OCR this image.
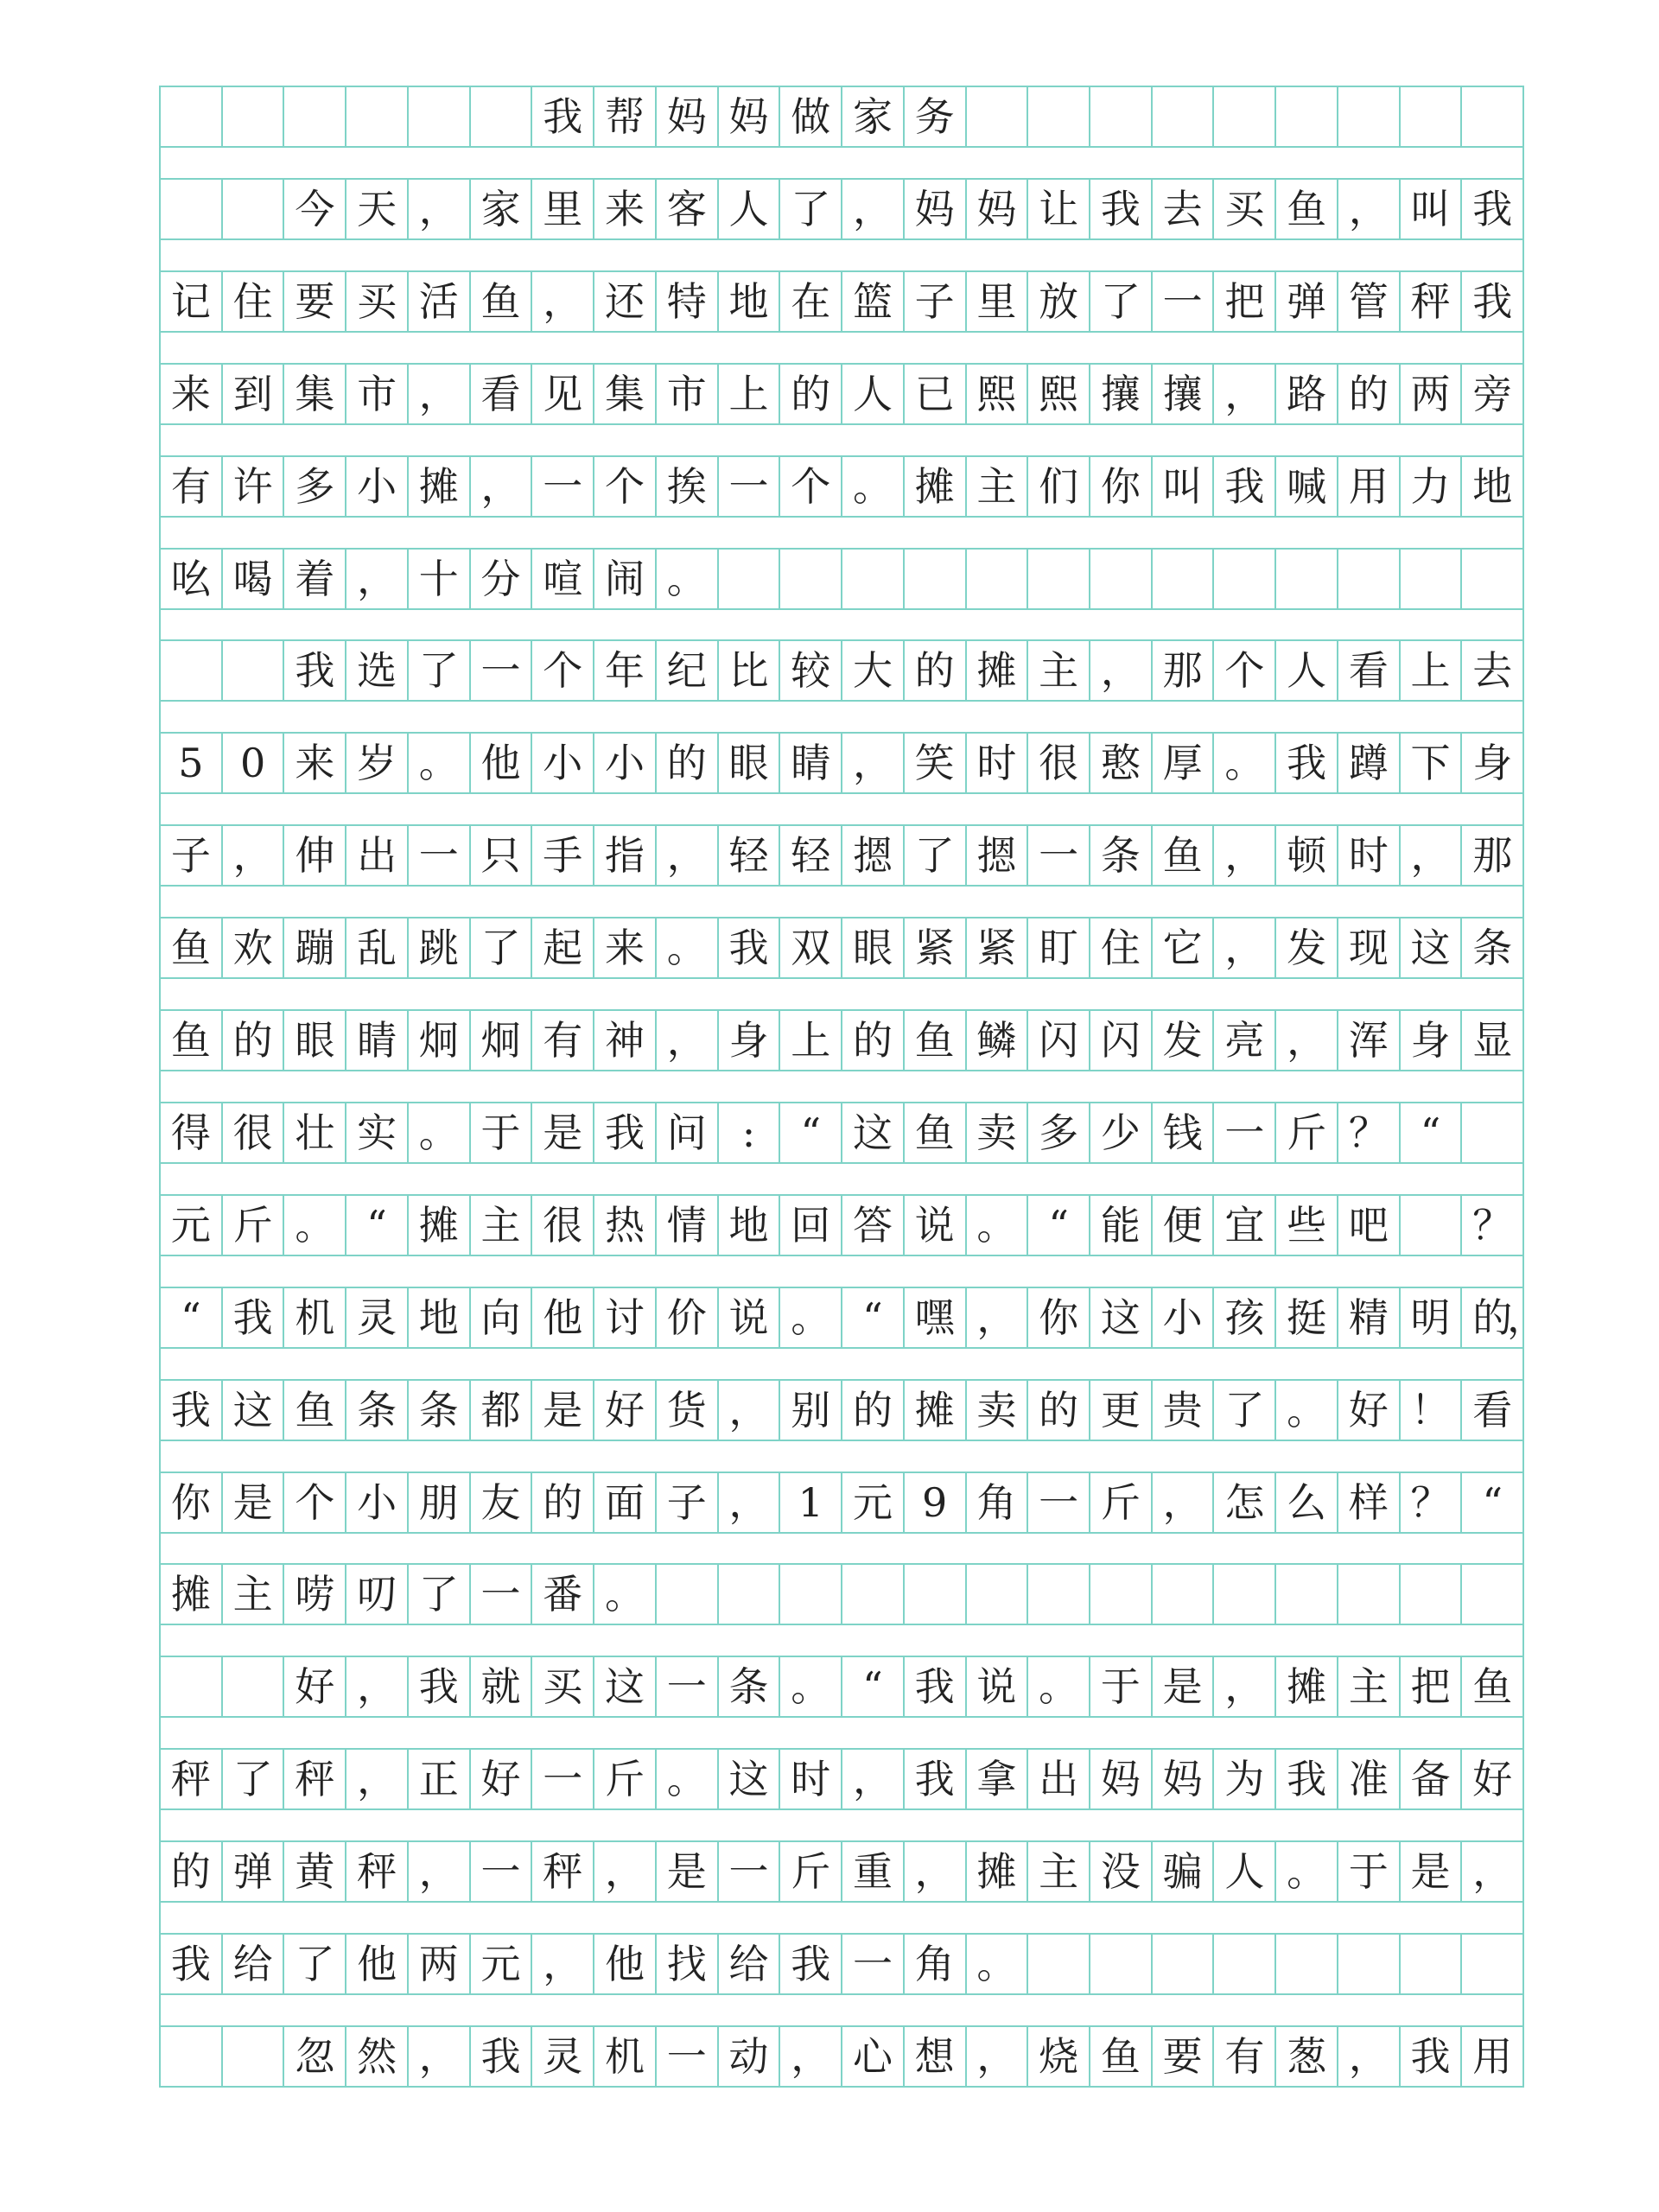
我 帮 妈 妈 做 家 务
今 天 ， 家 里 来 客 人 了 ， 妈 妈 让 我 去 买 鱼 ， 叫 我
记 住 要 买 活 鱼 ， 还 特 地 在 篮 子 里 放 了 一 把 弹 管 秤 我
来 到 集 市 ， 看 见 集 市 上 的 人 已 熙 熙 攘 攘 ， 路 的 两 旁
有 许 多 小 摊 ， 一 个 挨 一 个 。 摊 主 们 你 叫 我 喊 用 力 地
吆 喝 着 ， 十 分 喧 闹 。
我 选 了 一 个 年 纪 比 较 大 的 摊 主 ， 那 个 人 看 上 去
5 0 来 岁 。 他 小 小 的 眼 睛 ， 笑 时 很 憨 厚 。 我 蹲 下 身
子 ， 伸 出 一 只 手 指 ， 轻 轻 摁 了 摁 一 条 鱼 ， 顿 时 ， 那
鱼 欢 蹦 乱 跳 了 起 来 。 我 双 眼 紧 紧 盯 住 它 ， 发 现 这 条
鱼 的 眼 睛 炯 炯 有 神 ， 身 上 的 鱼 鳞 闪 闪 发 亮 ， 浑 身 显
得 很 壮 实 。 于 是 我 问 :	“ 这 鱼 卖 多 少 钱 一 斤 ？ “
元 斤 。 “ 摊 主 很 热 情 地 回 答 说 。 “ 能 便 宜 些 吧	？
“ 我 机 灵 地 向 他 讨 价 说 。 “ 嘿 ， 你 这 小 孩 挺 精 明 的
，
我 这 鱼 条 条 都 是 好 货 ， 别 的 摊 卖 的 更 贵 了 。 好 ！ 看
你 是 个 小 朋 友 的 面 子 ， 1 元 9 角 一 斤 ， 怎 么 样 ？ “
摊 主 唠 叨 了 一 番 。
好 ， 我 就 买 这 一 条 。 “ 我 说 。 于 是 ， 摊 主 把 鱼
秤 了 秤 ， 正 好 一 斤 。 这 时 ， 我 拿 出 妈 妈 为 我 准 备 好
的 弹 黄 秤 ， 一 秤 ， 是 一 斤 重 ， 摊 主 没 骗 人 。 于 是 ，
我 给 了 他 两 元 ， 他 找 给 我 一 角 。
忽 然 ， 我 灵 机 一 动 ， 心 想 ， 烧 鱼 要 有 葱 ， 我 用
